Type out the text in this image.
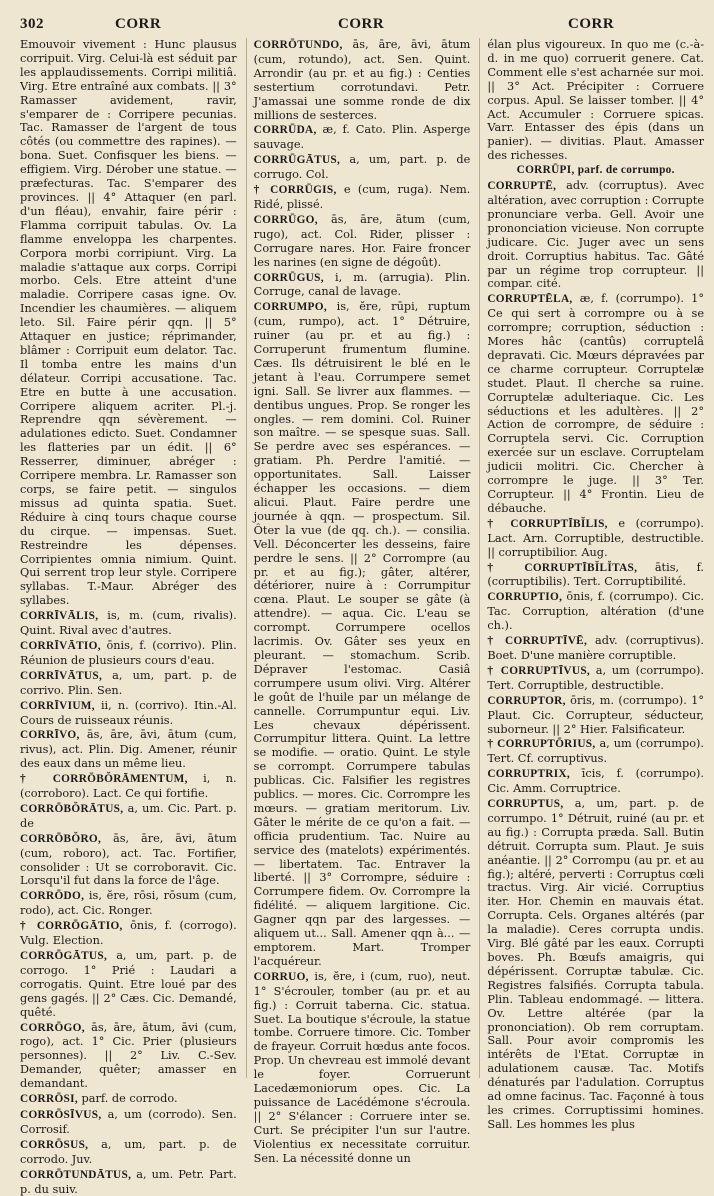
302	CORR	CORR	CORR

Emouvoir vivement : Hunc plausus corripuit. Virg. Celui-là est séduit par les applaudissements. Corripi militiâ. Virg. Etre entraîné aux combats. || 3° Ramasser avidement, ravir, s'emparer de : Corripere pecunias. Tac. Ramasser de l'argent de tous côtés (ou commettre des rapines). — bona. Suet. Confisquer les biens. — effigiem. Virg. Dérober une statue. — præfecturas. Tac. S'emparer des provinces. || 4° Attaquer (en parl. d'un fléau), envahir, faire périr : Flamma corripuit tabulas. Ov. La flamme enveloppa les charpentes. Corpora morbi corripiunt. Virg. La maladie s'attaque aux corps. Corripi morbo. Cels. Etre atteint d'une maladie. Corripere casas igne. Ov. Incendier les chaumières. — aliquem leto. Sil. Faire périr qqn. || 5° Attaquer en justice; réprimander, blâmer : Corripuit eum delator. Tac. Il tomba entre les mains d'un délateur. Corripi accusatione. Tac. Etre en butte à une accusation. Corripere aliquem acriter. Pl.-j. Reprendre qqn sévèrement. — adulationes edicto. Suet. Condamner les flatteries par un édit. || 6° Resserrer, diminuer, abréger : Corripere membra. Lr. Ramasser son corps, se faire petit. — singulos missus ad quinta spatia. Suet. Réduire à cinq tours chaque course du cirque. — impensas. Suet. Restreindre les dépenses. Corripientes omnia nimium. Quint. Qui serrent trop leur style. Corripere syllabas. T.-Maur. Abréger des syllabes.

CORRĪVĀLIS, is, m. (cum, rivalis). Quint. Rival avec d'autres.

CORRĪVĀTIO, ōnis, f. (corrivo). Plin. Réunion de plusieurs cours d'eau.

CORRĪVĀTUS, a, um, part. p. de corrivo. Plin. Sen.

CORRĪVIUM, ii, n. (corrivo). Itin.-Al. Cours de ruisseaux réunis.

CORRĪVO, ās, āre, āvi, ātum (cum, rivus), act. Plin. Dig. Amener, réunir des eaux dans un même lieu.

† CORRŌBŎRĀMENTUM, i, n. (corroboro). Lact. Ce qui fortifie.

CORRŌBŎRĀTUS, a, um. Cic. Part. p. de

CORRŌBŎRO, ās, āre, āvi, ātum (cum, roboro), act. Tac. Fortifier, consolider : Ut se corroboravit. Cic. Lorsqu'il fut dans la force de l'âge.

CORRŌDO, is, ĕre, rōsi, rōsum (cum, rodo), act. Cic. Ronger.

† CORRŌGĀTIO, ōnis, f. (corrogo). Vulg. Election.

CORRŌGĀTUS, a, um, part. p. de corrogo. 1° Prié : Laudari a corrogatis. Quint. Etre loué par des gens gagés. || 2° Cæs. Cic. Demandé, quêté.

CORRŌGO, ās, āre, ātum, āvi (cum, rogo), act. 1° Cic. Prier (plusieurs personnes). || 2° Liv. C.-Sev. Demander, quêter; amasser en demandant.

CORRŌSI, parf. de corrodo.

CORRŌSĪVUS, a, um (corrodo). Sen. Corrosif.

CORRŌSUS, a, um, part. p. de corrodo. Juv.

CORRŌTUNDĀTUS, a, um. Petr. Part. p. du suiv.

CORRŌTUNDO, ās, āre, āvi, ātum (cum, rotundo), act. Sen. Quint. Arrondir (au pr. et au fig.) : Centies sestertium corrotundavi. Petr. J'amassai une somme ronde de dix millions de sesterces.

CORRŪDA, æ, f. Cato. Plin. Asperge sauvage.

CORRŪGĀTUS, a, um, part. p. de corrugo. Col.

† CORRŪGIS, e (cum, ruga). Nem. Ridé, plissé.

CORRŪGO, ās, āre, ātum (cum, rugo), act. Col. Rider, plisser : Corrugare nares. Hor. Faire froncer les narines (en signe de dégoût).

CORRŪGUS, i, m. (arrugia). Plin. Corruge, canal de lavage.

CORRUMPO, is, ĕre, rūpi, ruptum (cum, rumpo), act. 1° Détruire, ruiner (au pr. et au fig.) : Corruperunt frumentum flumine. Cæs. Ils détruisirent le blé en le jetant à l'eau. Corrumpere semet igni. Sall. Se livrer aux flammes. — dentibus ungues. Prop. Se ronger les ongles. — rem domini. Col. Ruiner son maître. — se spesque suas. Sall. Se perdre avec ses espérances. — gratiam. Ph. Perdre l'amitié. — opportunitates. Sall. Laisser échapper les occasions. — diem alicui. Plaut. Faire perdre une journée à qqn. — prospectum. Sil. Ôter la vue (de qq. ch.). — consilia. Vell. Déconcerter les desseins, faire perdre le sens. || 2° Corrompre (au pr. et au fig.); gâter, altérer, détériorer, nuire à : Corrumpitur cœna. Plaut. Le souper se gâte (à attendre). — aqua. Cic. L'eau se corrompt. Corrumpere ocellos lacrimis. Ov. Gâter ses yeux en pleurant. — stomachum. Scrib. Dépraver l'estomac. Casiâ corrumpere usum olivi. Virg. Altérer le goût de l'huile par un mélange de cannelle. Corrumpuntur equi. Liv. Les chevaux dépérissent. Corrumpitur littera. Quint. La lettre se modifie. — oratio. Quint. Le style se corrompt. Corrumpere tabulas publicas. Cic. Falsifier les registres publics. — mores. Cic. Corrompre les mœurs. — gratiam meritorum. Liv. Gâter le mérite de ce qu'on a fait. — officia prudentium. Tac. Nuire au service des (matelots) expérimentés. — libertatem. Tac. Entraver la liberté. || 3° Corrompre, séduire : Corrumpere fidem. Ov. Corrompre la fidélité. — aliquem largitione. Cic. Gagner qqn par des largesses. — aliquem ut... Sall. Amener qqn à... — emptorem. Mart. Tromper l'acquéreur.

CORRUO, is, ĕre, i (cum, ruo), neut. 1° S'écrouler, tomber (au pr. et au fig.) : Corruit taberna. Cic. statua. Suet. La boutique s'écroule, la statue tombe. Corruere timore. Cic. Tomber de frayeur. Corruit hœdus ante focos. Prop. Un chevreau est immolé devant le foyer. Corruerunt Lacedæmoniorum opes. Cic. La puissance de Lacédémone s'écroula. || 2° S'élancer : Corruere inter se. Curt. Se précipiter l'un sur l'autre. Violentius ex necessitate corruitur. Sen. La nécessité donne un

élan plus vigoureux. In quo me (c.-à-d. in me quo) corruerit genere. Cat. Comment elle s'est acharnée sur moi. || 3° Act. Précipiter : Corruere corpus. Apul. Se laisser tomber. || 4° Act. Accumuler : Corruere spicas. Varr. Entasser des épis (dans un panier). — divitias. Plaut. Amasser des richesses.

CORRŪPI, parf. de corrumpo.

CORRUPTĒ, adv. (corruptus). Avec altération, avec corruption : Corrupte pronunciare verba. Gell. Avoir une prononciation vicieuse. Non corrupte judicare. Cic. Juger avec un sens droit. Corruptius habitus. Tac. Gâté par un régime trop corrupteur. || compar. cité.

CORRUPTĒLA, æ, f. (corrumpo). 1° Ce qui sert à corrompre ou à se corrompre; corruption, séduction : Mores hâc (cantûs) corruptelâ depravati. Cic. Mœurs dépravées par ce charme corrupteur. Corruptelæ studet. Plaut. Il cherche sa ruine. Corruptelæ adulteriaque. Cic. Les séductions et les adultères. || 2° Action de corrompre, de séduire : Corruptela servi. Cic. Corruption exercée sur un esclave. Corruptelam judicii molitri. Cic. Chercher à corrompre le juge. || 3° Ter. Corrupteur. || 4° Frontin. Lieu de débauche.

† CORRUPTĪBĬLIS, e (corrumpo). Lact. Arn. Corruptible, destructible. || corruptibilior. Aug.

† CORRUPTĪBĬLĬTAS, ātis, f. (corruptibilis). Tert. Corruptibilité.

CORRUPTIO, ōnis, f. (corrumpo). Cic. Tac. Corruption, altération (d'une ch.).

† CORRUPTĪVĒ, adv. (corruptivus). Boet. D'une manière corruptible.

† CORRUPTĪVUS, a, um (corrumpo). Tert. Corruptible, destructible.

CORRUPTOR, ōris, m. (corrumpo). 1° Plaut. Cic. Corrupteur, séducteur, suborneur. || 2° Hier. Falsificateur.

† CORRUPTŌRIUS, a, um (corrumpo). Tert. Cf. corruptivus.

CORRUPTRIX, īcis, f. (corrumpo). Cic. Amm. Corruptrice.

CORRUPTUS, a, um, part. p. de corrumpo. 1° Détruit, ruiné (au pr. et au fig.) : Corrupta præda. Sall. Butin détruit. Corrupta sum. Plaut. Je suis anéantie. || 2° Corrompu (au pr. et au fig.); altéré, perverti : Corruptus cœli tractus. Virg. Air vicié. Corruptius iter. Hor. Chemin en mauvais état. Corrupta. Cels. Organes altérés (par la maladie). Ceres corrupta undis. Virg. Blé gâté par les eaux. Corrupti boves. Ph. Bœufs amaigris, qui dépérissent. Corruptæ tabulæ. Cic. Registres falsifiés. Corrupta tabula. Plin. Tableau endommagé. — littera. Ov. Lettre altérée (par la prononciation). Ob rem corruptam. Sall. Pour avoir compromis les intérêts de l'Etat. Corruptæ in adulationem causæ. Tac. Motifs dénaturés par l'adulation. Corruptus ad omne facinus. Tac. Façonné à tous les crimes. Corruptissimi homines. Sall. Les hommes les plus
